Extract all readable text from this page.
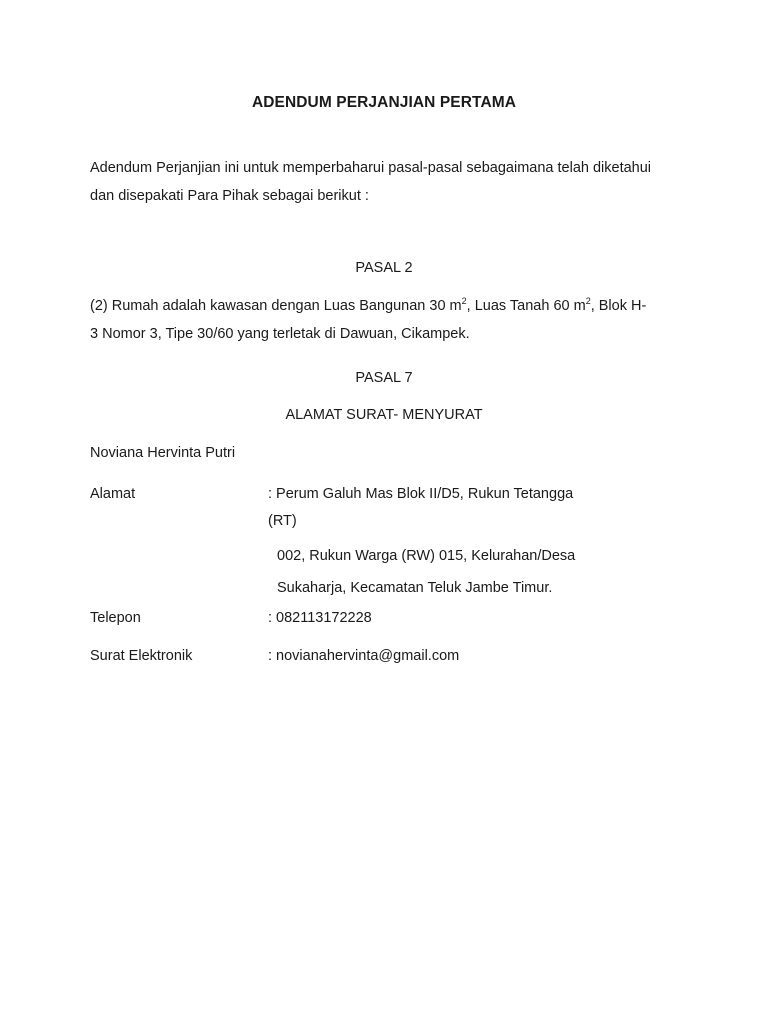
ADENDUM PERJANJIAN PERTAMA
Adendum Perjanjian ini untuk memperbaharui pasal-pasal sebagaimana telah diketahui
dan disepakati Para Pihak sebagai berikut :
PASAL 2
(2) Rumah adalah kawasan dengan Luas Bangunan 30 $m^2$, Luas Tanah 60 $m^2$, Blok H-
3 Nomor 3, Tipe 30/60 yang terletak di Dawuan, Cikampek.
PASAL 7
ALAMAT SURAT- MENYURAT
Noviana Hervinta Putri
Alamat	: Perum Galuh Mas Blok II/D5, Rukun Tetangga
(RT)
002, Rukun Warga (RW) 015, Kelurahan/Desa
Sukaharja, Kecamatan Teluk Jambe Timur.
Telepon	: 082113172228
Surat Elektronik	: novianahervinta@gmail.com
